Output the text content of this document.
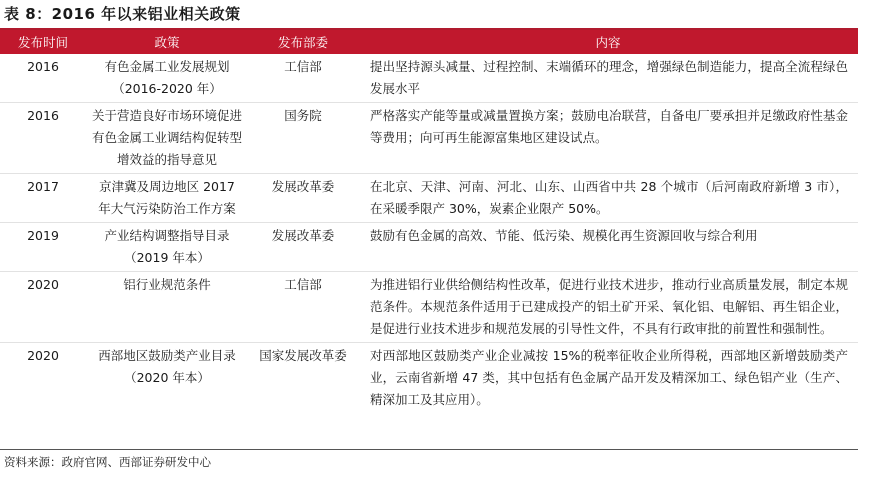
表 8：2016 年以来铝业相关政策
发布时间	政策	发布部委	内容
2016	有色金属工业发展规划（2016-2020 年）	工信部	提出坚持源头减量、过程控制、末端循环的理念，增强绿色制造能力，提高全流程绿色发展水平
2016	关于营造良好市场环境促进有色金属工业调结构促转型增效益的指导意见	国务院	严格落实产能等量或减量置换方案；鼓励电冶联营，自备电厂要承担并足缴政府性基金等费用；向可再生能源富集地区建设试点。
2017	京津冀及周边地区 2017 年大气污染防治工作方案	发展改革委	在北京、天津、河南、河北、山东、山西省中共 28 个城市（后河南政府新增 3 市），在采暖季限产 30%，炭素企业限产 50%。
2019	产业结构调整指导目录（2019 年本）	发展改革委	鼓励有色金属的高效、节能、低污染、规模化再生资源回收与综合利用
2020	铝行业规范条件	工信部	为推进铝行业供给侧结构性改革，促进行业技术进步，推动行业高质量发展，制定本规范条件。本规范条件适用于已建成投产的铝土矿开采、氧化铝、电解铝、再生铝企业，是促进行业技术进步和规范发展的引导性文件，不具有行政审批的前置性和强制性。
2020	西部地区鼓励类产业目录（2020 年本）	国家发展改革委	对西部地区鼓励类产业企业减按 15%的税率征收企业所得税，西部地区新增鼓励类产业，云南省新增 47 类，其中包括有色金属产品开发及精深加工、绿色铝产业（生产、精深加工及其应用）。
资料来源：政府官网、西部证券研发中心
